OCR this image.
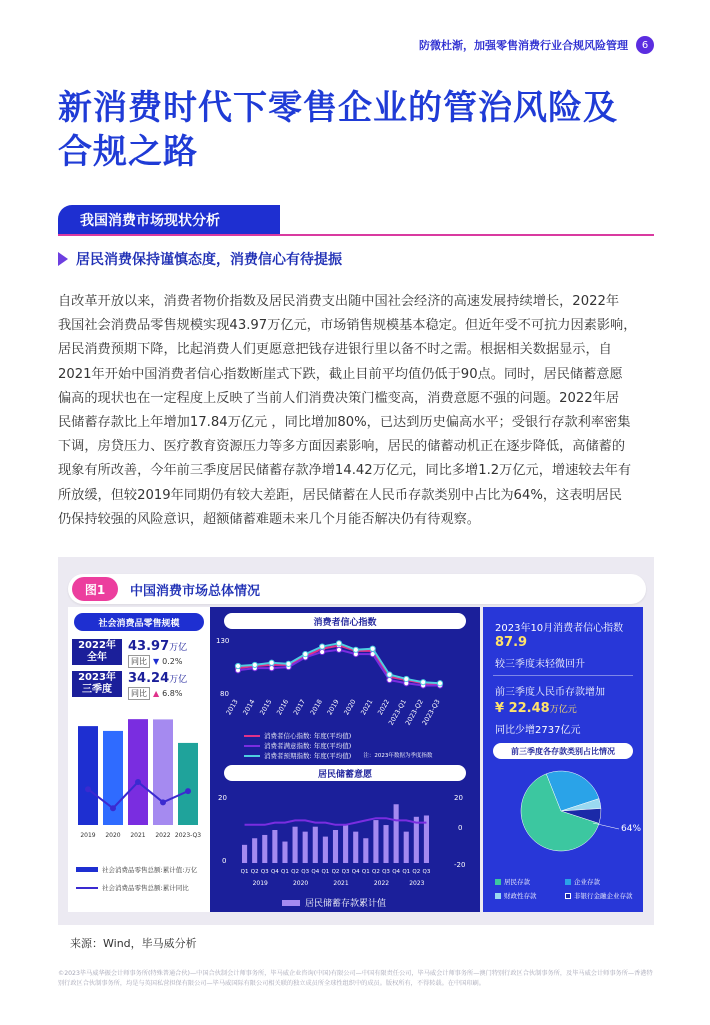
防微杜渐，加强零售消费行业合规风险管理	6
新消费时代下零售企业的管治风险及
合规之路
我国消费市场现状分析
居民消费保持谨慎态度，消费信心有待提振
自改革开放以来，消费者物价指数及居民消费支出随中国社会经济的高速发展持续增长，2022年
我国社会消费品零售规模实现43.97万亿元，市场销售规模基本稳定。但近年受不可抗力因素影响，
居民消费预期下降，比起消费人们更愿意把钱存进银行里以备不时之需。根据相关数据显示，自
2021年开始中国消费者信心指数断崖式下跌，截止目前平均值仍低于90点。同时，居民储蓄意愿
偏高的现状也在一定程度上反映了当前人们消费决策门槛变高，消费意愿不强的问题。2022年居
民储蓄存款比上年增加17.84万亿元 ，同比增加80%，已达到历史偏高水平；受银行存款利率密集
下调，房贷压力、医疗教育资源压力等多方面因素影响，居民的储蓄动机正在逐步降低，高储蓄的
现象有所改善，今年前三季度居民储蓄存款净增14.42万亿元，同比多增1.2万亿元，增速较去年有
所放缓，但较2019年同期仍有较大差距，居民储蓄在人民币存款类别中占比为64%，这表明居民
仍保持较强的风险意识，超额储蓄难题未来几个月能否解决仍有待观察。
图1	中国消费市场总体情况
社会消费品零售规模
2022年
全年
43.97万亿
同比 ▼ 0.2%
2023年
三季度
34.24万亿
同比 ▲ 6.8%
2019 2020 2021 2022 2023-Q3
社会消费品零售总额:累计值:万亿
社会消费品零售总额:累计同比
消费者信心指数
130
80
2013 2014 2015 2016 2017 2018 2019 2020 2021 2022
2023-Q1
2023-Q2
2023-Q3
消费者信心指数: 年度(平均值)
消费者满意指数: 年度(平均值)
消费者预期指数: 年度(平均值) 注：2023年数据为季度指数
居民储蓄意愿
20
0
20
0
-20
Q1 Q2 Q3 Q4 Q1 Q2 Q3 Q4 Q1 Q2 Q3 Q4 Q1 Q2 Q3 Q4 Q1 Q2 Q3
2019	2020	2021	2022	2023
居民储蓄存款累计值
2023年10月消费者信心指数
87.9
较三季度末轻微回升
前三季度人民币存款增加
¥ 22.48万亿元
同比少增2737亿元
前三季度各存款类别占比情况
64%
居民存款	企业存款
财政性存款	非银行金融企业存款
来源：Wind，毕马威分析
©2023毕马威华振会计师事务所(特殊普通合伙)—中国合伙制会计师事务所，毕马威企业咨询(中国)有限公司—中国有限责任公司，毕马威会计师事务所—澳门特别行政区合伙制事务所，及毕马威会计师事务所—香港特别行政区合伙制事务所，均是与英国私营担保有限公司—毕马威国际有限公司相关联的独立成员所全球性组织中的成员。版权所有，不得转载。在中国印刷。
